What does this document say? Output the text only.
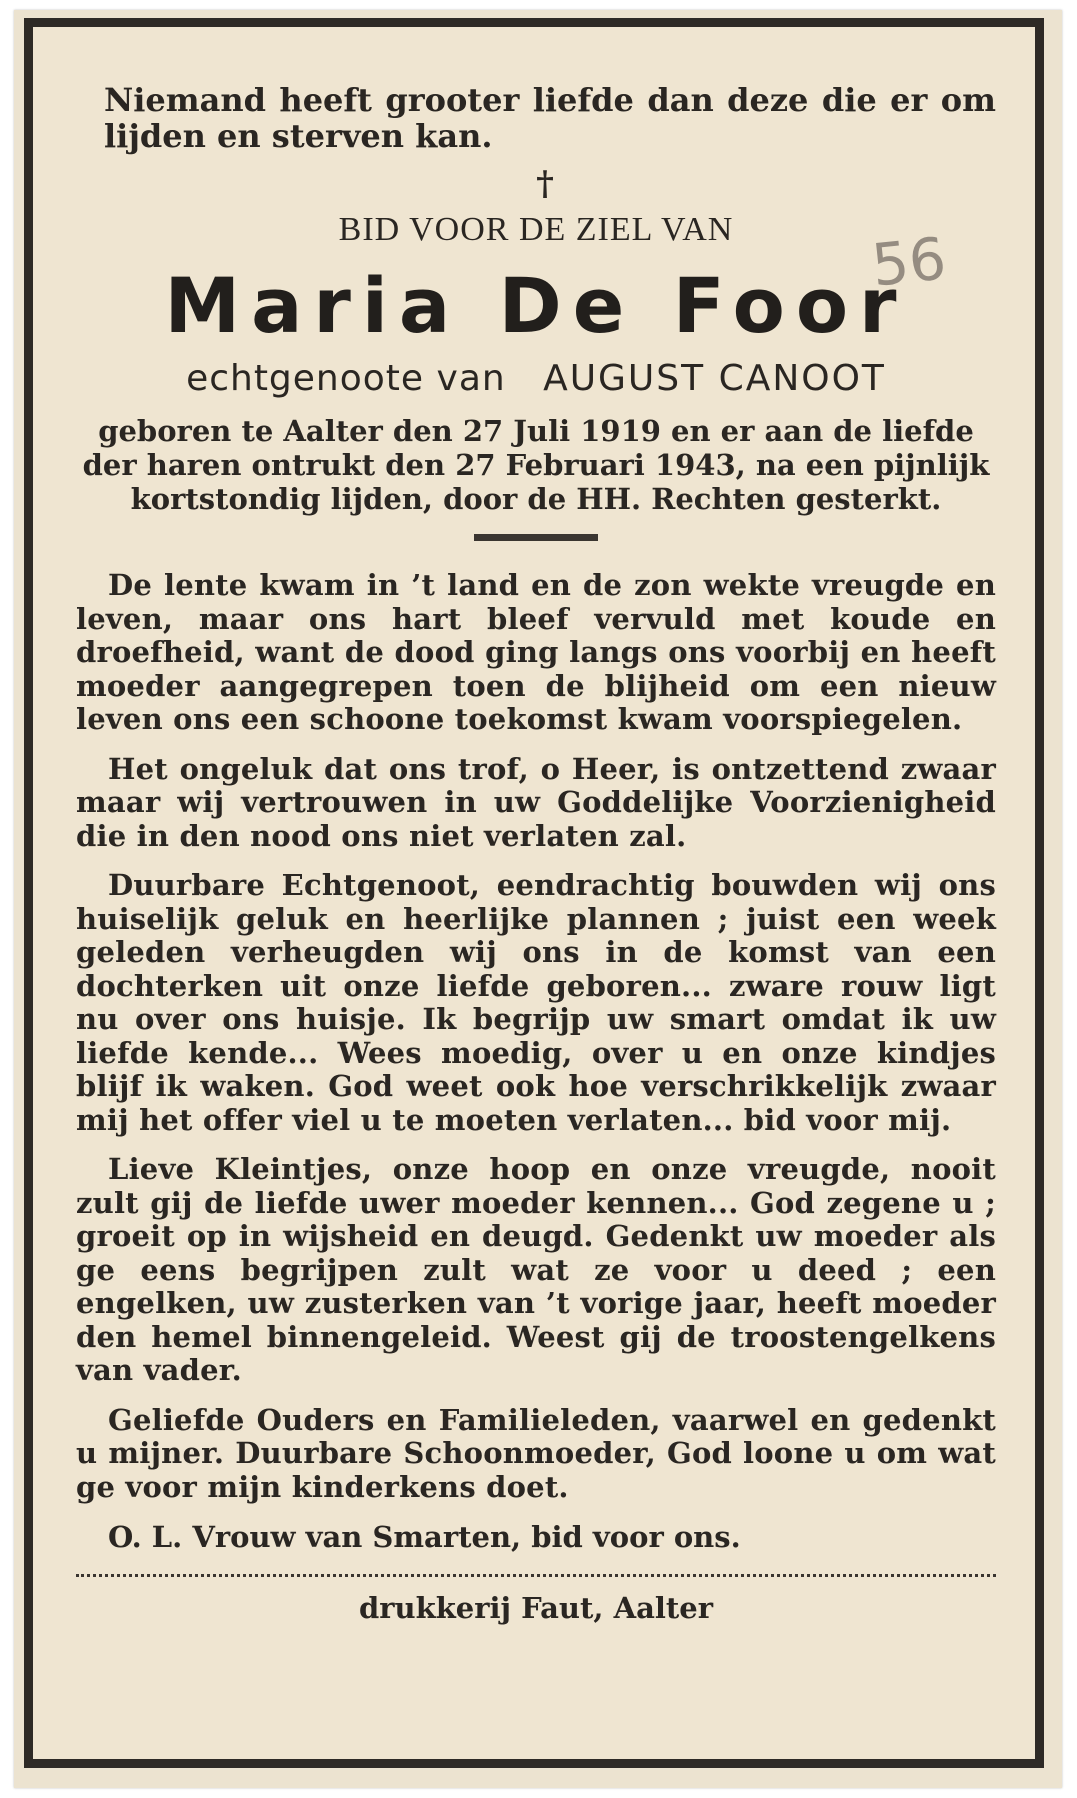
56
Niemand heeft grooter liefde dan deze die er om lijden en sterven kan.
†
BID VOOR DE ZIEL VAN
Maria De Foor
echtgenoote van AUGUST CANOOT
geboren te Aalter den 27 Juli 1919 en er aan de liefde
der haren ontrukt den 27 Februari 1943, na een pijnlijk
kortstondig lijden, door de HH. Rechten gesterkt.

De lente kwam in ’t land en de zon wekte vreugde en leven, maar ons hart bleef vervuld met koude en droefheid, want de dood ging langs ons voorbij en heeft moeder aangegrepen toen de blijheid om een nieuw leven ons een schoone toekomst kwam voorspiegelen.

Het ongeluk dat ons trof, o Heer, is ontzettend zwaar maar wij vertrouwen in uw Goddelijke Voorzienigheid die in den nood ons niet verlaten zal.

Duurbare Echtgenoot, eendrachtig bouwden wij ons huiselijk geluk en heerlijke plannen ; juist een week geleden verheugden wij ons in de komst van een dochterken uit onze liefde geboren... zware rouw ligt nu over ons huisje. Ik begrijp uw smart omdat ik uw liefde kende... Wees moedig, over u en onze kindjes blijf ik waken. God weet ook hoe verschrikkelijk zwaar mij het offer viel u te moeten verlaten... bid voor mij.

Lieve Kleintjes, onze hoop en onze vreugde, nooit zult gij de liefde uwer moeder kennen... God zegene u ; groeit op in wijsheid en deugd. Gedenkt uw moeder als ge eens begrijpen zult wat ze voor u deed ; een engelken, uw zusterken van ’t vorige jaar, heeft moeder den hemel binnengeleid. Weest gij de troostengelkens van vader.

Geliefde Ouders en Familieleden, vaarwel en gedenkt u mijner. Duurbare Schoonmoeder, God loone u om wat ge voor mijn kinderkens doet.

O. L. Vrouw van Smarten, bid voor ons.
drukkerij Faut, Aalter
